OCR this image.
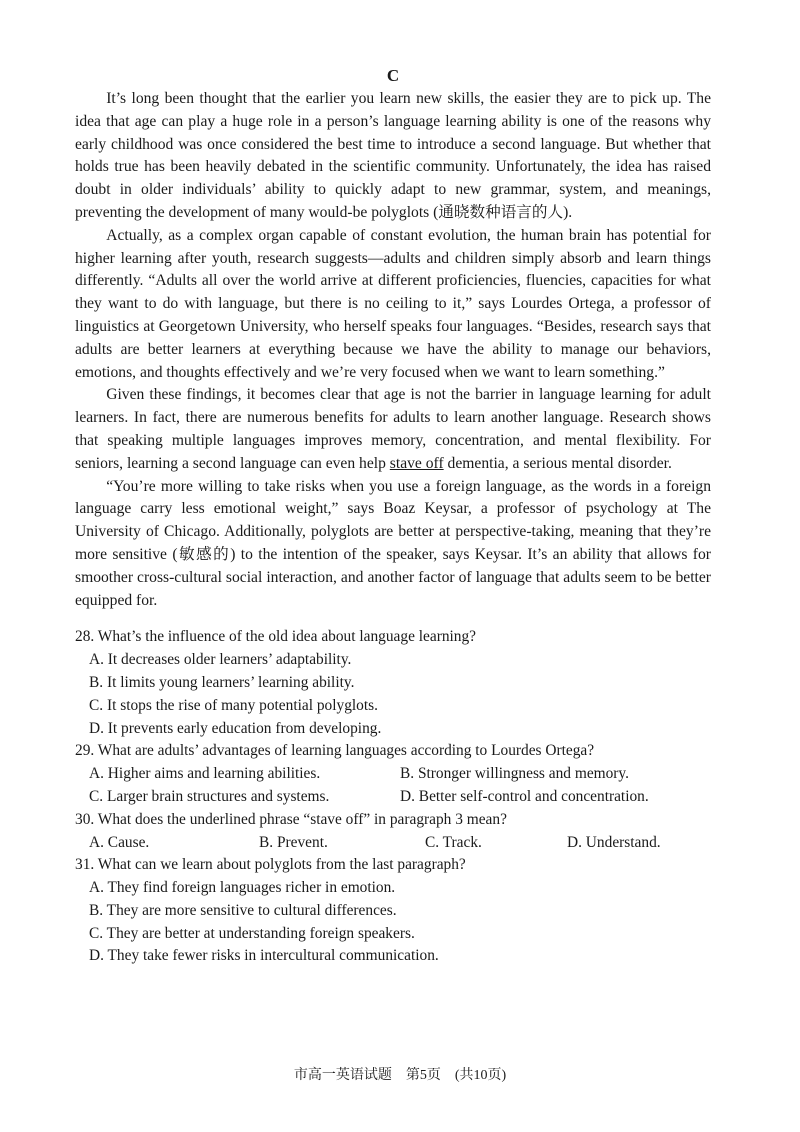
C

It’s long been thought that the earlier you learn new skills, the easier they are to pick up. The idea that age can play a huge role in a person’s language learning ability is one of the reasons why early childhood was once considered the best time to introduce a second language. But whether that holds true has been heavily debated in the scientific community. Unfortunately, the idea has raised doubt in older individuals’ ability to quickly adapt to new grammar, system, and meanings, preventing the development of many would-be polyglots (通晓数种语言的人).

Actually, as a complex organ capable of constant evolution, the human brain has potential for higher learning after youth, research suggests—adults and children simply absorb and learn things differently. “Adults all over the world arrive at different proficiencies, fluencies, capacities for what they want to do with language, but there is no ceiling to it,” says Lourdes Ortega, a professor of linguistics at Georgetown University, who herself speaks four languages. “Besides, research says that adults are better learners at everything because we have the ability to manage our behaviors, emotions, and thoughts effectively and we’re very focused when we want to learn something.”

Given these findings, it becomes clear that age is not the barrier in language learning for adult learners. In fact, there are numerous benefits for adults to learn another language. Research shows that speaking multiple languages improves memory, concentration, and mental flexibility. For seniors, learning a second language can even help stave off dementia, a serious mental disorder.

“You’re more willing to take risks when you use a foreign language, as the words in a foreign language carry less emotional weight,” says Boaz Keysar, a professor of psychology at The University of Chicago. Additionally, polyglots are better at perspective-taking, meaning that they’re more sensitive (敏感的) to the intention of the speaker, says Keysar. It’s an ability that allows for smoother cross-cultural social interaction, and another factor of language that adults seem to be better equipped for.

28. What’s the influence of the old idea about language learning?

A. It decreases older learners’ adaptability.

B. It limits young learners’ learning ability.

C. It stops the rise of many potential polyglots.

D. It prevents early education from developing.

29. What are adults’ advantages of learning languages according to Lourdes Ortega?

A. Higher aims and learning abilities.	B. Stronger willingness and memory.
C. Larger brain structures and systems.	D. Better self-control and concentration.

30. What does the underlined phrase “stave off” in paragraph 3 mean?

A. Cause.	B. Prevent.	C. Track.	D. Understand.

31. What can we learn about polyglots from the last paragraph?

A. They find foreign languages richer in emotion.

B. They are more sensitive to cultural differences.

C. They are better at understanding foreign speakers.

D. They take fewer risks in intercultural communication.

市高一英语试题　第5页　(共10页)
